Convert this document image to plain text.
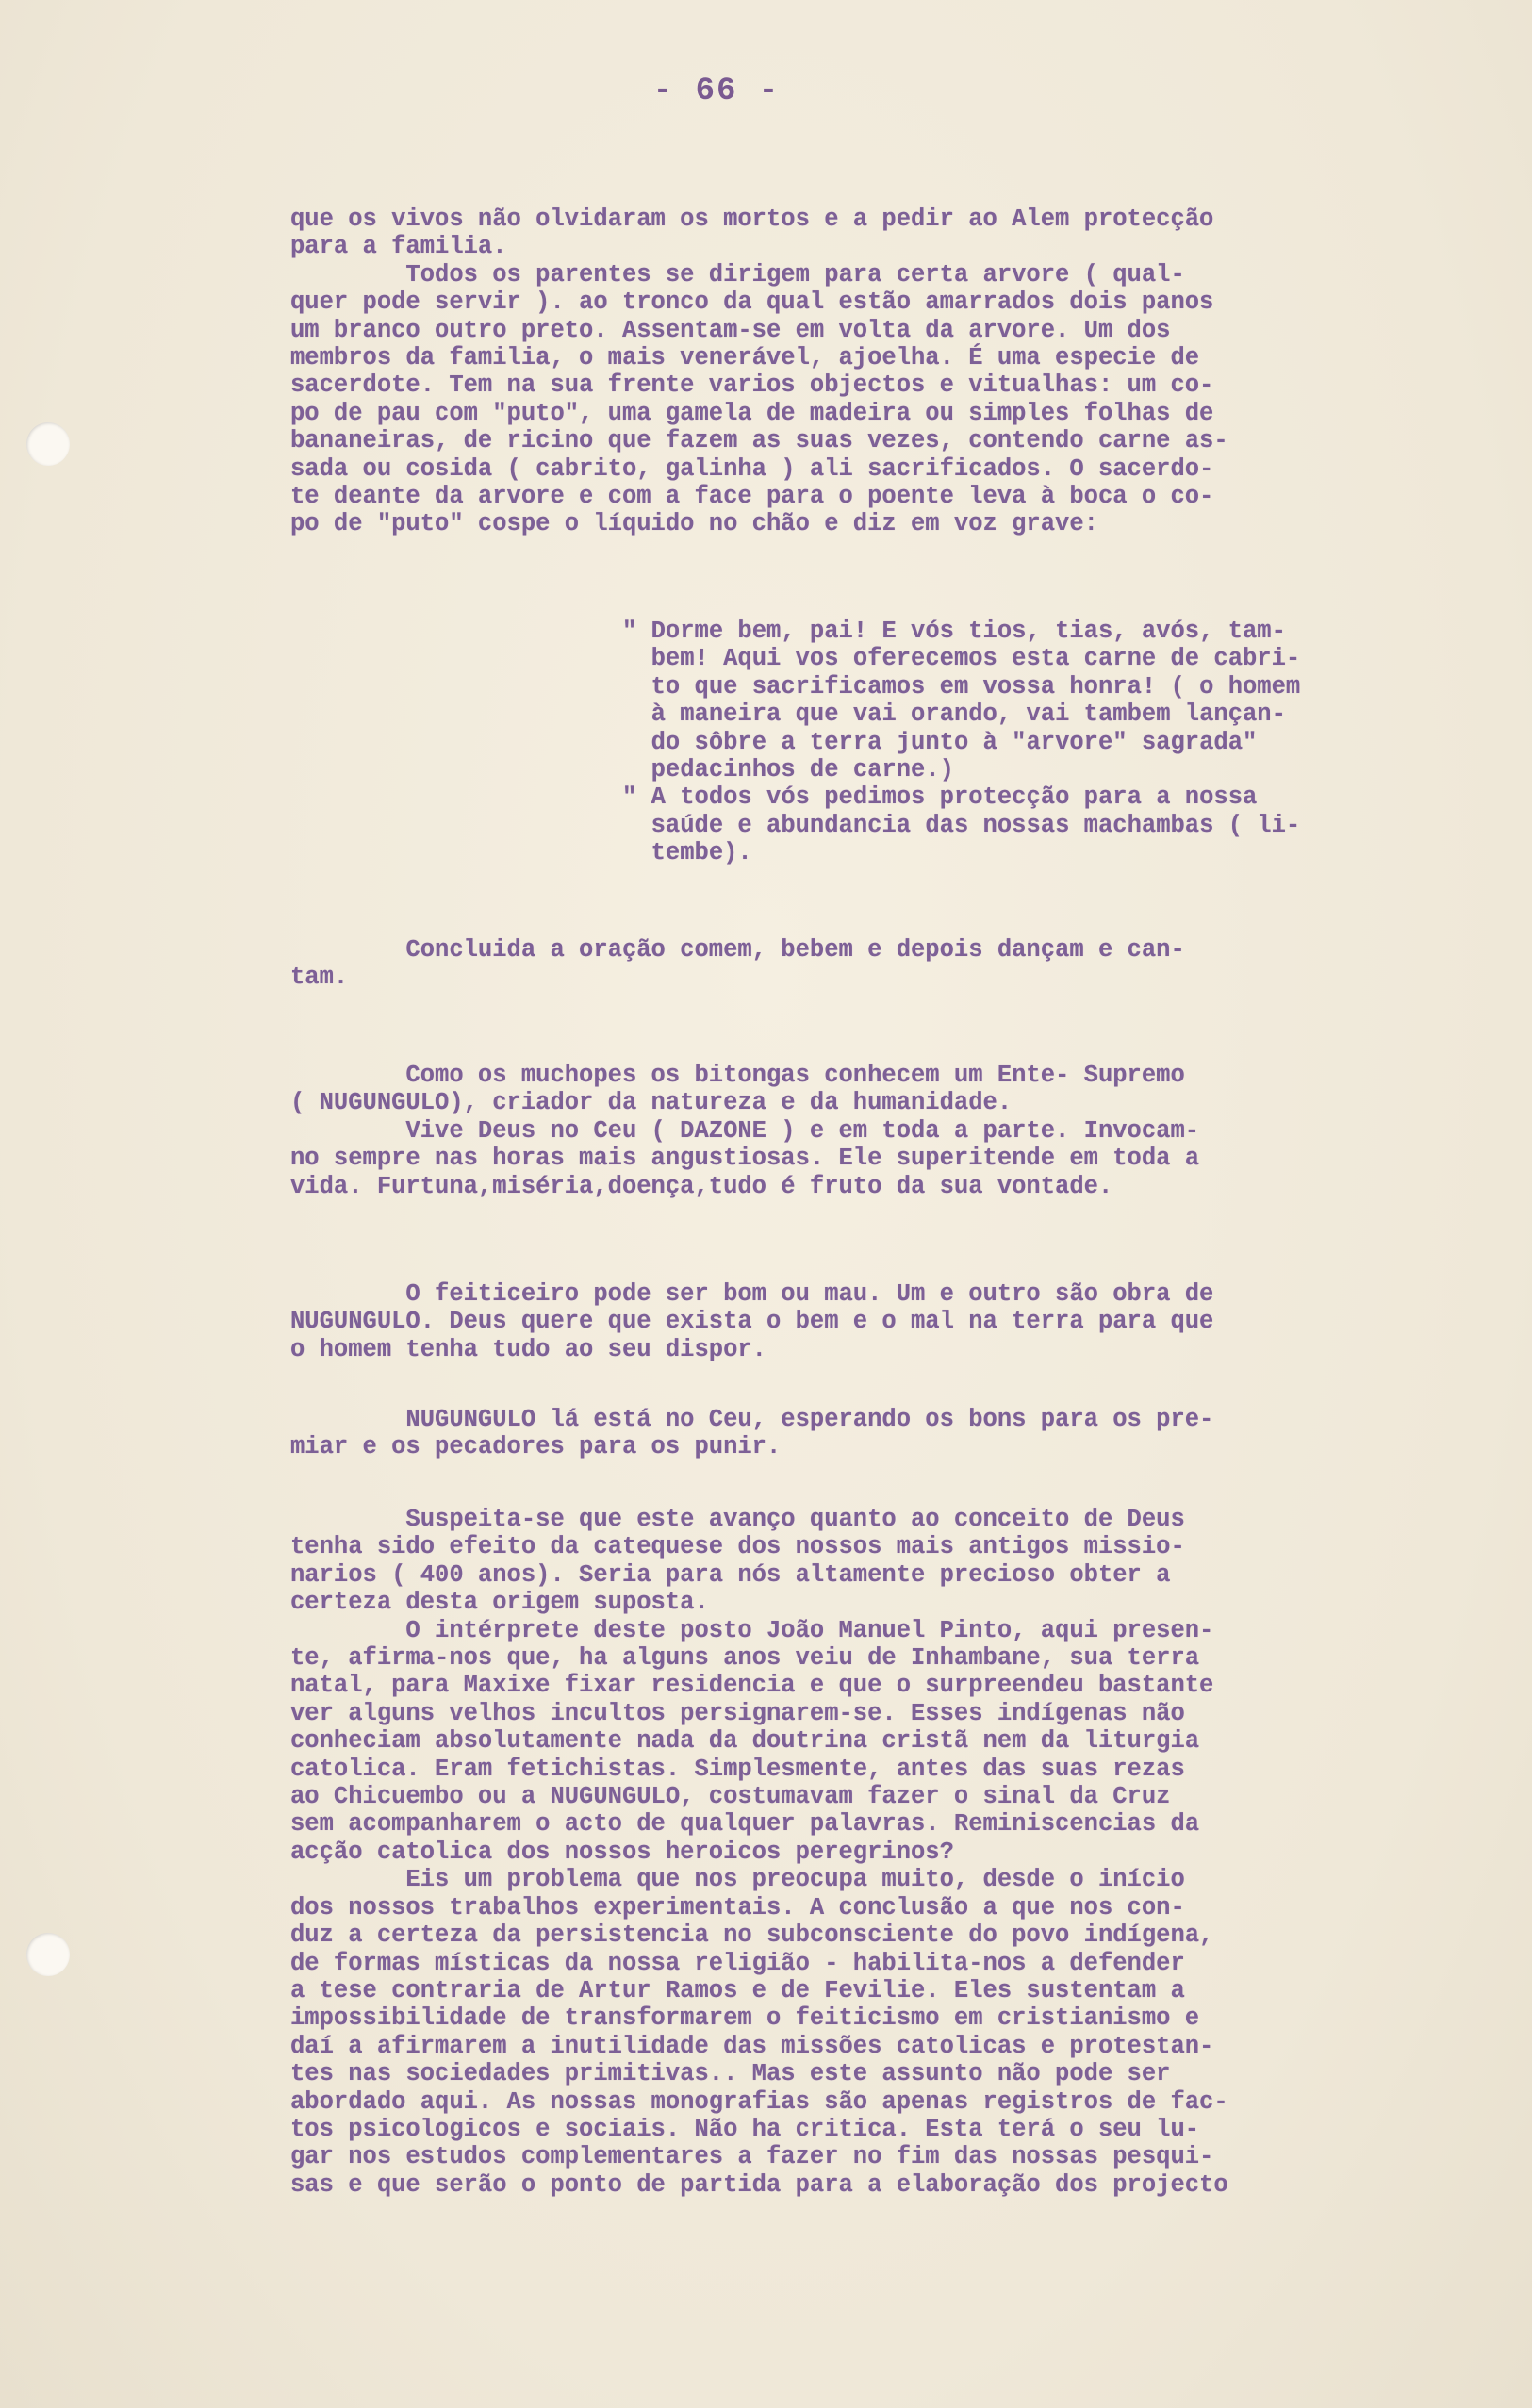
- 66 -
que os vivos não olvidaram os mortos e a pedir ao Alem protecção
para a familia.
Todos os parentes se dirigem para certa arvore ( qual-
quer pode servir ). ao tronco da qual estão amarrados dois panos
um branco outro preto. Assentam-se em volta da arvore. Um dos
membros da familia, o mais venerável, ajoelha. É uma especie de
sacerdote. Tem na sua frente varios objectos e vitualhas: um co-
po de pau com "puto", uma gamela de madeira ou simples folhas de
bananeiras, de ricino que fazem as suas vezes, contendo carne as-
sada ou cosida ( cabrito, galinha ) ali sacrificados. O sacerdo-
te deante da arvore e com a face para o poente leva à boca o co-
po de "puto" cospe o líquido no chão e diz em voz grave:
" Dorme bem, pai! E vós tios, tias, avós, tam-
bem! Aqui vos oferecemos esta carne de cabri-
to que sacrificamos em vossa honra! ( o homem
à maneira que vai orando, vai tambem lançan-
do sôbre a terra junto à "arvore" sagrada"
pedacinhos de carne.)
" A todos vós pedimos protecção para a nossa
saúde e abundancia das nossas machambas ( li-
tembe).
Concluida a oração comem, bebem e depois dançam e can-
tam.
Como os muchopes os bitongas conhecem um Ente- Supremo
( NUGUNGULO), criador da natureza e da humanidade.
Vive Deus no Ceu ( DAZONE ) e em toda a parte. Invocam-
no sempre nas horas mais angustiosas. Ele superitende em toda a
vida. Furtuna,miséria,doença,tudo é fruto da sua vontade.
O feiticeiro pode ser bom ou mau. Um e outro são obra de
NUGUNGULO. Deus quere que exista o bem e o mal na terra para que
o homem tenha tudo ao seu dispor.
NUGUNGULO lá está no Ceu, esperando os bons para os pre-
miar e os pecadores para os punir.
Suspeita-se que este avanço quanto ao conceito de Deus
tenha sido efeito da catequese dos nossos mais antigos missio-
narios ( 400 anos). Seria para nós altamente precioso obter a
certeza desta origem suposta.
O intérprete deste posto João Manuel Pinto, aqui presen-
te, afirma-nos que, ha alguns anos veiu de Inhambane, sua terra
natal, para Maxixe fixar residencia e que o surpreendeu bastante
ver alguns velhos incultos persignarem-se. Esses indígenas não
conheciam absolutamente nada da doutrina cristã nem da liturgia
catolica. Eram fetichistas. Simplesmente, antes das suas rezas
ao Chicuembo ou a NUGUNGULO, costumavam fazer o sinal da Cruz
sem acompanharem o acto de qualquer palavras. Reminiscencias da
acção catolica dos nossos heroicos peregrinos?
Eis um problema que nos preocupa muito, desde o início
dos nossos trabalhos experimentais. A conclusão a que nos con-
duz a certeza da persistencia no subconsciente do povo indígena,
de formas místicas da nossa religião - habilita-nos a defender
a tese contraria de Artur Ramos e de Fevilie. Eles sustentam a
impossibilidade de transformarem o feiticismo em cristianismo e
daí a afirmarem a inutilidade das missões catolicas e protestan-
tes nas sociedades primitivas.. Mas este assunto não pode ser
abordado aqui. As nossas monografias são apenas registros de fac-
tos psicologicos e sociais. Não ha critica. Esta terá o seu lu-
gar nos estudos complementares a fazer no fim das nossas pesqui-
sas e que serão o ponto de partida para a elaboração dos projecto
